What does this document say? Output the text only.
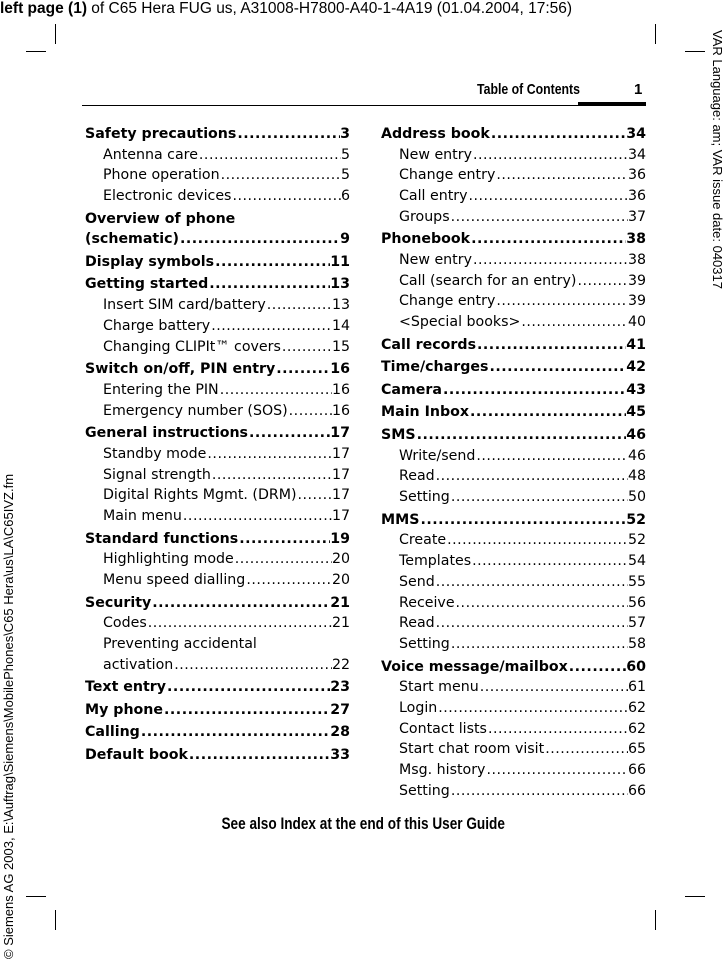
left page (1) of C65 Hera FUG us, A31008-H7800-A40-1-4A19 (01.04.2004, 17:56)
VAR Language: am; VAR issue date: 040317
© Siemens AG 2003, E:\Auftrag\Siemens\MobilePhones\C65 Hera\us\LA\C65IVZ.fm
Table of Contents	1
Safety precautions .....	3
Antenna care .....	5
Phone operation .....	5
Electronic devices .....	6
Overview of phone
(schematic) .....	9
Display symbols .....	11
Getting started .....	13
Insert SIM card/battery .....	13
Charge battery .....	14
Changing CLIPIt™ covers .....	15
Switch on/off, PIN entry .....	16
Entering the PIN .....	16
Emergency number (SOS) .....	16
General instructions .....	17
Standby mode .....	17
Signal strength .....	17
Digital Rights Mgmt. (DRM) ..... 17
Main menu .....	17
Standard functions .....	19
Highlighting mode .....	20
Menu speed dialling .....	20
Security .....	21
Codes .....	21
Preventing accidental
activation .....	22
Text entry .....	23
My phone .....	27
Calling .....	28
Default book .....	33
Address book .....	34
New entry .....	34
Change entry .....	36
Call entry .....	36
Groups .....	37
Phonebook .....	38
New entry .....	38
Call (search for an entry) .....	39
Change entry .....	39
<Special books> .....	40
Call records .....	41
Time/charges .....	42
Camera .....	43
Main Inbox .....	45
SMS .....	46
Write/send .....	46
Read .....	48
Setting .....	50
MMS .....	52
Create .....	52
Templates .....	54
Send .....	55
Receive .....	56
Read .....	57
Setting .....	58
Voice message/mailbox .....	60
Start menu .....	61
Login .....	62
Contact lists .....	62
Start chat room visit .....	65
Msg. history .....	66
Setting .....	66
See also Index at the end of this User Guide
